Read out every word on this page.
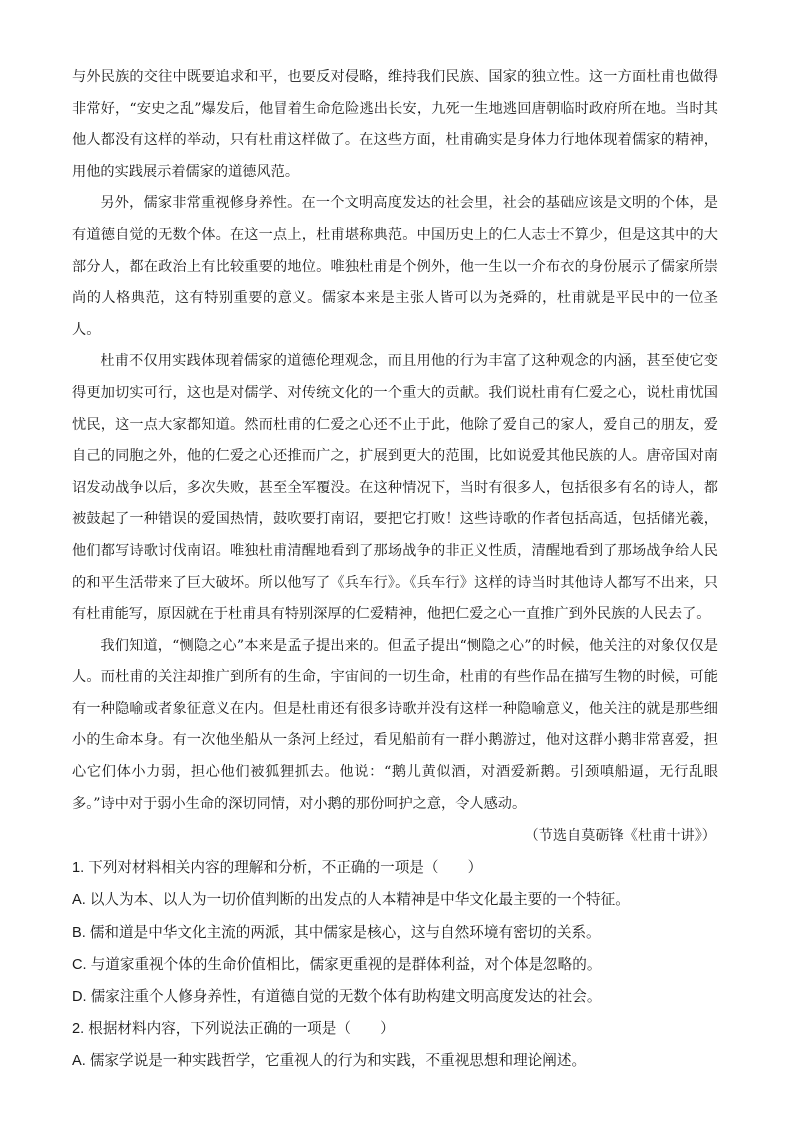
与外民族的交往中既要追求和平，也要反对侵略，维持我们民族、国家的独立性。这一方面杜甫也做得非常好，“安史之乱”爆发后，他冒着生命危险逃出长安，九死一生地逃回唐朝临时政府所在地。当时其他人都没有这样的举动，只有杜甫这样做了。在这些方面，杜甫确实是身体力行地体现着儒家的精神，用他的实践展示着儒家的道德风范。

另外，儒家非常重视修身养性。在一个文明高度发达的社会里，社会的基础应该是文明的个体，是有道德自觉的无数个体。在这一点上，杜甫堪称典范。中国历史上的仁人志士不算少，但是这其中的大部分人，都在政治上有比较重要的地位。唯独杜甫是个例外，他一生以一介布衣的身份展示了儒家所崇尚的人格典范，这有特别重要的意义。儒家本来是主张人皆可以为尧舜的，杜甫就是平民中的一位圣人。

杜甫不仅用实践体现着儒家的道德伦理观念，而且用他的行为丰富了这种观念的内涵，甚至使它变得更加切实可行，这也是对儒学、对传统文化的一个重大的贡献。我们说杜甫有仁爱之心，说杜甫忧国忧民，这一点大家都知道。然而杜甫的仁爱之心还不止于此，他除了爱自己的家人，爱自己的朋友，爱自己的同胞之外，他的仁爱之心还推而广之，扩展到更大的范围，比如说爱其他民族的人。唐帝国对南诏发动战争以后，多次失败，甚至全军覆没。在这种情况下，当时有很多人，包括很多有名的诗人，都被鼓起了一种错误的爱国热情，鼓吹要打南诏，要把它打败！这些诗歌的作者包括高适，包括储光羲，他们都写诗歌讨伐南诏。唯独杜甫清醒地看到了那场战争的非正义性质，清醒地看到了那场战争给人民的和平生活带来了巨大破坏。所以他写了《兵车行》。《兵车行》这样的诗当时其他诗人都写不出来，只有杜甫能写，原因就在于杜甫具有特别深厚的仁爱精神，他把仁爱之心一直推广到外民族的人民去了。

我们知道，“恻隐之心”本来是孟子提出来的。但孟子提出“恻隐之心”的时候，他关注的对象仅仅是人。而杜甫的关注却推广到所有的生命，宇宙间的一切生命，杜甫的有些作品在描写生物的时候，可能有一种隐喻或者象征意义在内。但是杜甫还有很多诗歌并没有这样一种隐喻意义，他关注的就是那些细小的生命本身。有一次他坐船从一条河上经过，看见船前有一群小鹅游过，他对这群小鹅非常喜爱，担心它们体小力弱，担心他们被狐狸抓去。他说：“鹅儿黄似酒，对酒爱新鹅。引颈嗔船逼，无行乱眼多。”诗中对于弱小生命的深切同情，对小鹅的那份呵护之意，令人感动。

（节选自莫砺锋《杜甫十讲》）

1. 下列对材料相关内容的理解和分析，不正确的一项是（　　）

A. 以人为本、以人为一切价值判断的出发点的人本精神是中华文化最主要的一个特征。

B. 儒和道是中华文化主流的两派，其中儒家是核心，这与自然环境有密切的关系。

C. 与道家重视个体的生命价值相比，儒家更重视的是群体利益，对个体是忽略的。

D. 儒家注重个人修身养性，有道德自觉的无数个体有助构建文明高度发达的社会。

2. 根据材料内容，下列说法正确的一项是（　　）

A. 儒家学说是一种实践哲学，它重视人的行为和实践，不重视思想和理论阐述。
